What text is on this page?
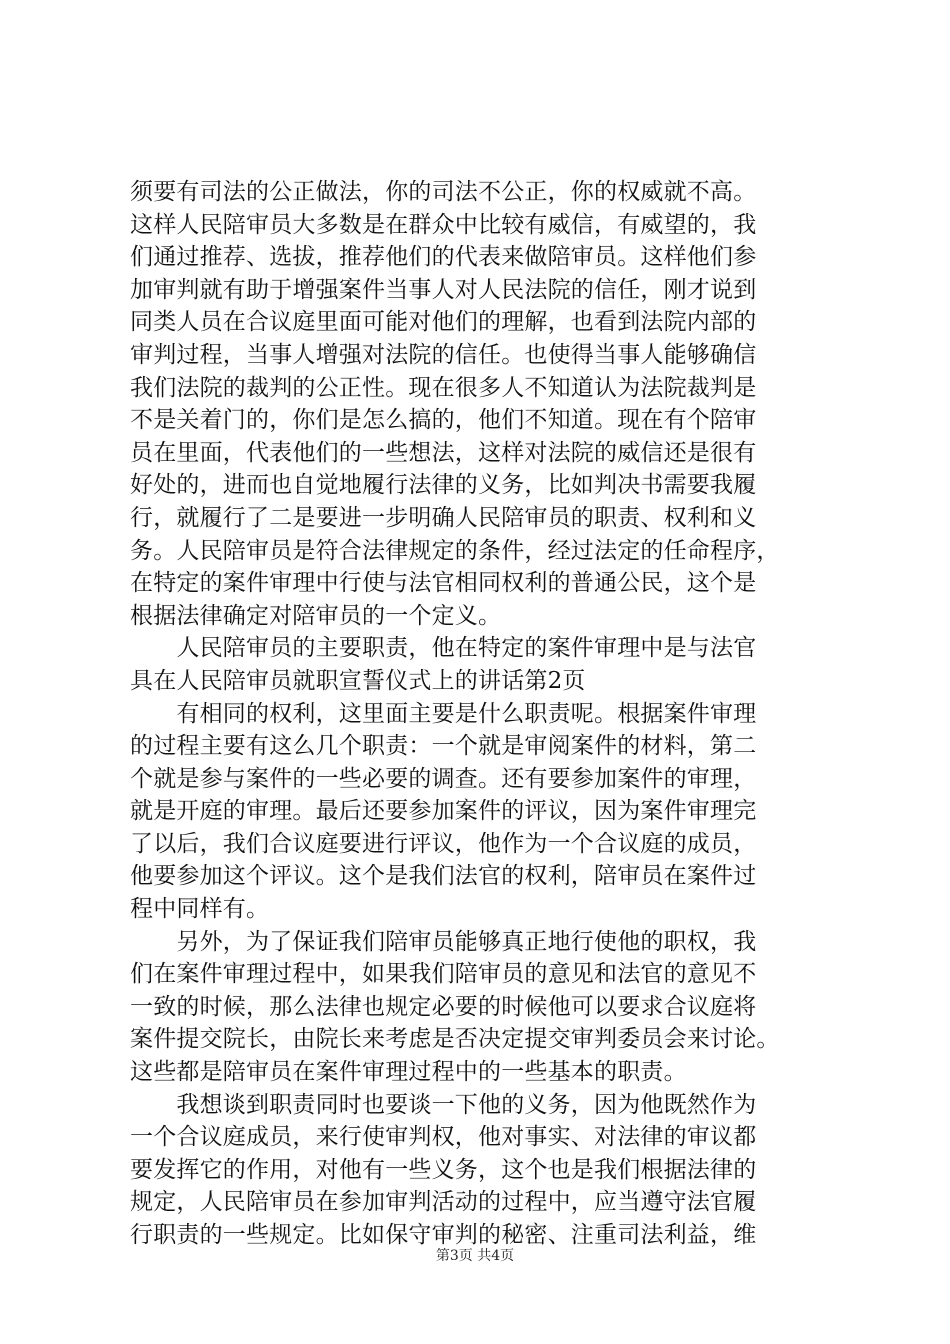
须要有司法的公正做法，你的司法不公正，你的权威就不高。
这样人民陪审员大多数是在群众中比较有威信，有威望的，我
们通过推荐、选拔，推荐他们的代表来做陪审员。这样他们参
加审判就有助于增强案件当事人对人民法院的信任，刚才说到
同类人员在合议庭里面可能对他们的理解，也看到法院内部的
审判过程，当事人增强对法院的信任。也使得当事人能够确信
我们法院的裁判的公正性。现在很多人不知道认为法院裁判是
不是关着门的，你们是怎么搞的，他们不知道。现在有个陪审
员在里面，代表他们的一些想法，这样对法院的威信还是很有
好处的，进而也自觉地履行法律的义务，比如判决书需要我履
行，就履行了二是要进一步明确人民陪审员的职责、权利和义
务。人民陪审员是符合法律规定的条件，经过法定的任命程序，
在特定的案件审理中行使与法官相同权利的普通公民，这个是
根据法律确定对陪审员的一个定义。
　　人民陪审员的主要职责，他在特定的案件审理中是与法官
具在人民陪审员就职宣誓仪式上的讲话第2页
　　有相同的权利，这里面主要是什么职责呢。根据案件审理
的过程主要有这么几个职责：一个就是审阅案件的材料，第二
个就是参与案件的一些必要的调查。还有要参加案件的审理，
就是开庭的审理。最后还要参加案件的评议，因为案件审理完
了以后，我们合议庭要进行评议，他作为一个合议庭的成员，
他要参加这个评议。这个是我们法官的权利，陪审员在案件过
程中同样有。
　　另外，为了保证我们陪审员能够真正地行使他的职权，我
们在案件审理过程中，如果我们陪审员的意见和法官的意见不
一致的时候，那么法律也规定必要的时候他可以要求合议庭将
案件提交院长，由院长来考虑是否决定提交审判委员会来讨论。
这些都是陪审员在案件审理过程中的一些基本的职责。
　　我想谈到职责同时也要谈一下他的义务，因为他既然作为
一个合议庭成员，来行使审判权，他对事实、对法律的审议都
要发挥它的作用，对他有一些义务，这个也是我们根据法律的
规定，人民陪审员在参加审判活动的过程中，应当遵守法官履
行职责的一些规定。比如保守审判的秘密、注重司法利益，维
第3页 共4页
